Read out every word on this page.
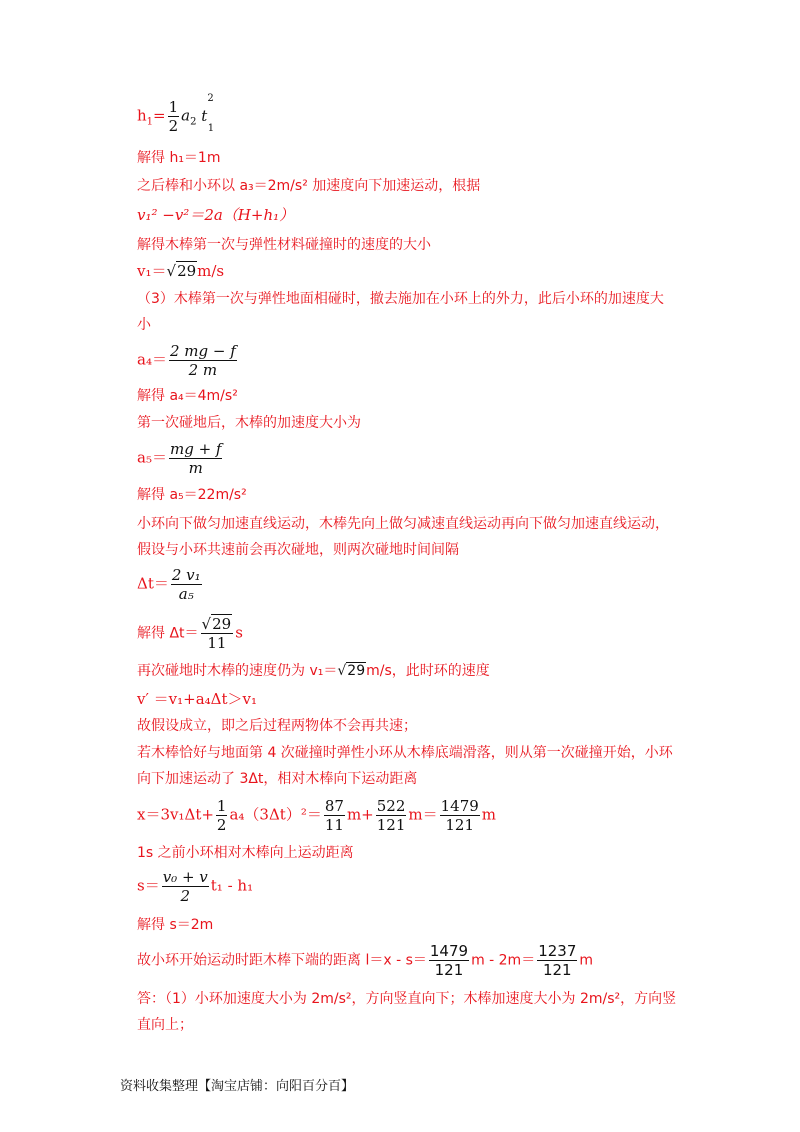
$h_1= \frac{1}{2} a_2$ $t^2_1$
解得 h₁＝1m
之后棒和小环以 a₃＝2m/s² 加速度向下加速运动，根据
v₁² −v²＝2a（H+h₁）
解得木棒第一次与弹性材料碰撞时的速度的大小
v₁＝√29m/s
（3）木棒第一次与弹性地面相碰时，撤去施加在小环上的外力，此后小环的加速度大
小
$a_4= \frac{2 mg - f}{2 m}$
解得 a₄＝4m/s²
第一次碰地后，木棒的加速度大小为
$a_5= \frac{mg + f}{m}$
解得 a₅＝22m/s²
小环向下做匀加速直线运动，木棒先向上做匀减速直线运动再向下做匀加速直线运动，
假设与小环共速前会再次碰地，则两次碰地时间间隔
$\Delta t= \frac{\text{2 v₁}}{\text{a₅}}$
解得 $\Delta t= \frac{√29}{11}$ s
再次碰地时木棒的速度仍为 v₁＝√29m/s，此时环的速度
v′ ＝v₁+a₄Δt＞v₁
故假设成立，即之后过程两物体不会再共速；
若木棒恰好与地面第 4 次碰撞时弹性小环从木棒底端滑落，则从第一次碰撞开始，小环
向下加速运动了 3Δt，相对木棒向下运动距离
$x=3v_1\Delta t+ \frac{1}{2} a_4(3\Delta t)^2= \frac{87}{11} m+ \frac{522}{121} m= \frac{1479}{121}$ m
1s 之前小环相对木棒向上运动距离
$s= \frac{\text{v₀ + v}}{2} t_1 - h_1$
解得 s＝2m
故小环开始运动时距木棒下端的距离 $l=x - s= \frac{1479}{121}$ $m - 2m= \frac{1237}{121}$ m
答：（1）小环加速度大小为 2m/s²，方向竖直向下；木棒加速度大小为 2m/s²，方向竖
直向上；
资料收集整理【淘宝店铺：向阳百分百】
